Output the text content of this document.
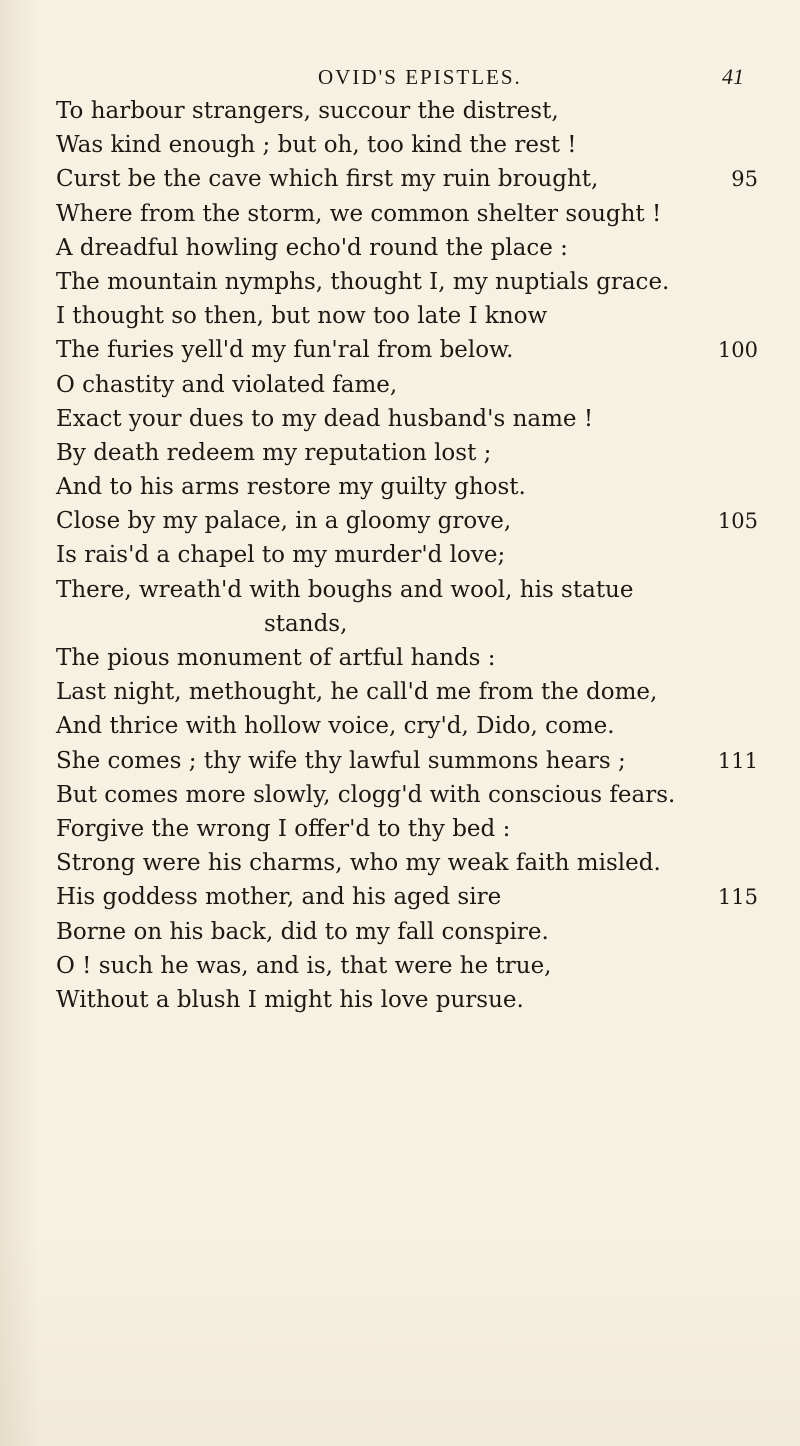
OVID'S EPISTLES.	41
To harbour strangers, succour the distrest,
Was kind enough ; but oh, too kind the rest !
Curst be the cave which first my ruin brought,	95
Where from the storm, we common shelter sought !
A dreadful howling echo'd round the place :
The mountain nymphs, thought I, my nuptials grace.
I thought so then, but now too late I know
The furies yell'd my fun'ral from below.	100
O chastity and violated fame,
Exact your dues to my dead husband's name !
By death redeem my reputation lost ;
And to his arms restore my guilty ghost.
Close by my palace, in a gloomy grove,	105
Is rais'd a chapel to my murder'd love;
There, wreath'd with boughs and wool, his statue
stands,
The pious monument of artful hands :
Last night, methought, he call'd me from the dome,
And thrice with hollow voice, cry'd, Dido, come.
She comes ; thy wife thy lawful summons hears ;	111
But comes more slowly, clogg'd with conscious fears.
Forgive the wrong I offer'd to thy bed :
Strong were his charms, who my weak faith misled.
His goddess mother, and his aged sire	115
Borne on his back, did to my fall conspire.
O ! such he was, and is, that were he true,
Without a blush I might his love pursue.
